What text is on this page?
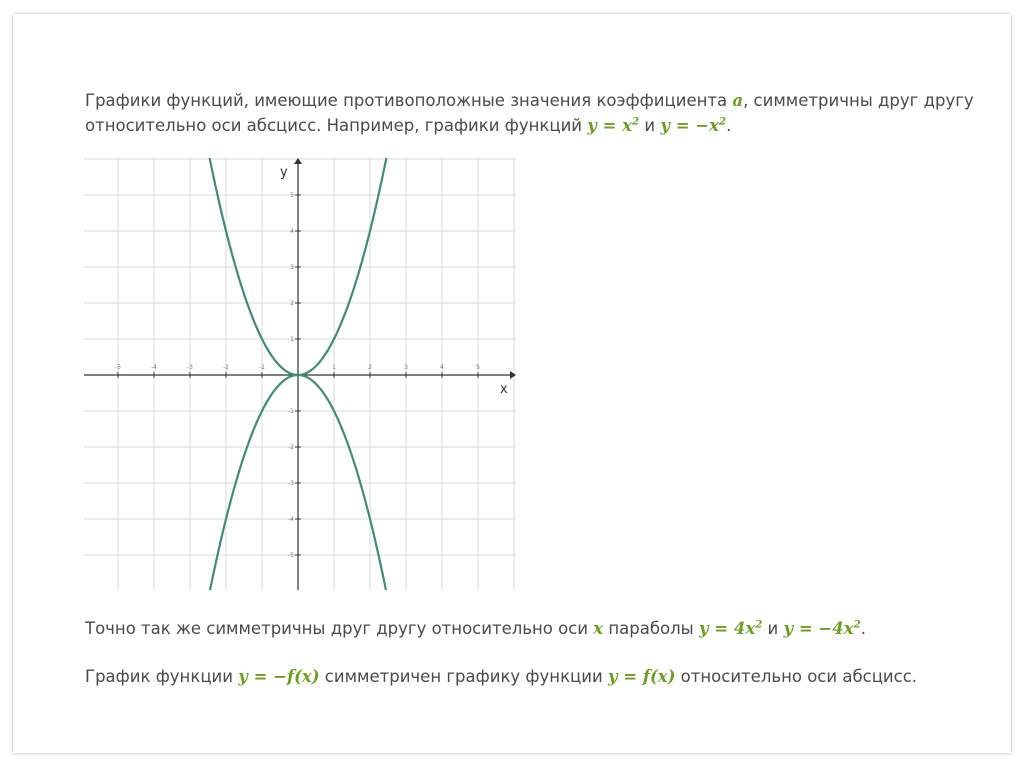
Графики функций, имеющие противоположные значения коэффициента a, симметричны друг другу
относительно оси абсцисс. Например, графики функций $y = x^2$ и $y = -x^2$.
-5	-4	-3	-2	-1	1	2	3	4	5
-5
-4
-3
-2
-1
1
2
3
4
5
x
y
Точно так же симметричны друг другу относительно оси x параболы $y = 4x^2$ и $y = -4x^2$.
График функции y = −f(x) симметричен графику функции y = f(x) относительно оси абсцисс.
